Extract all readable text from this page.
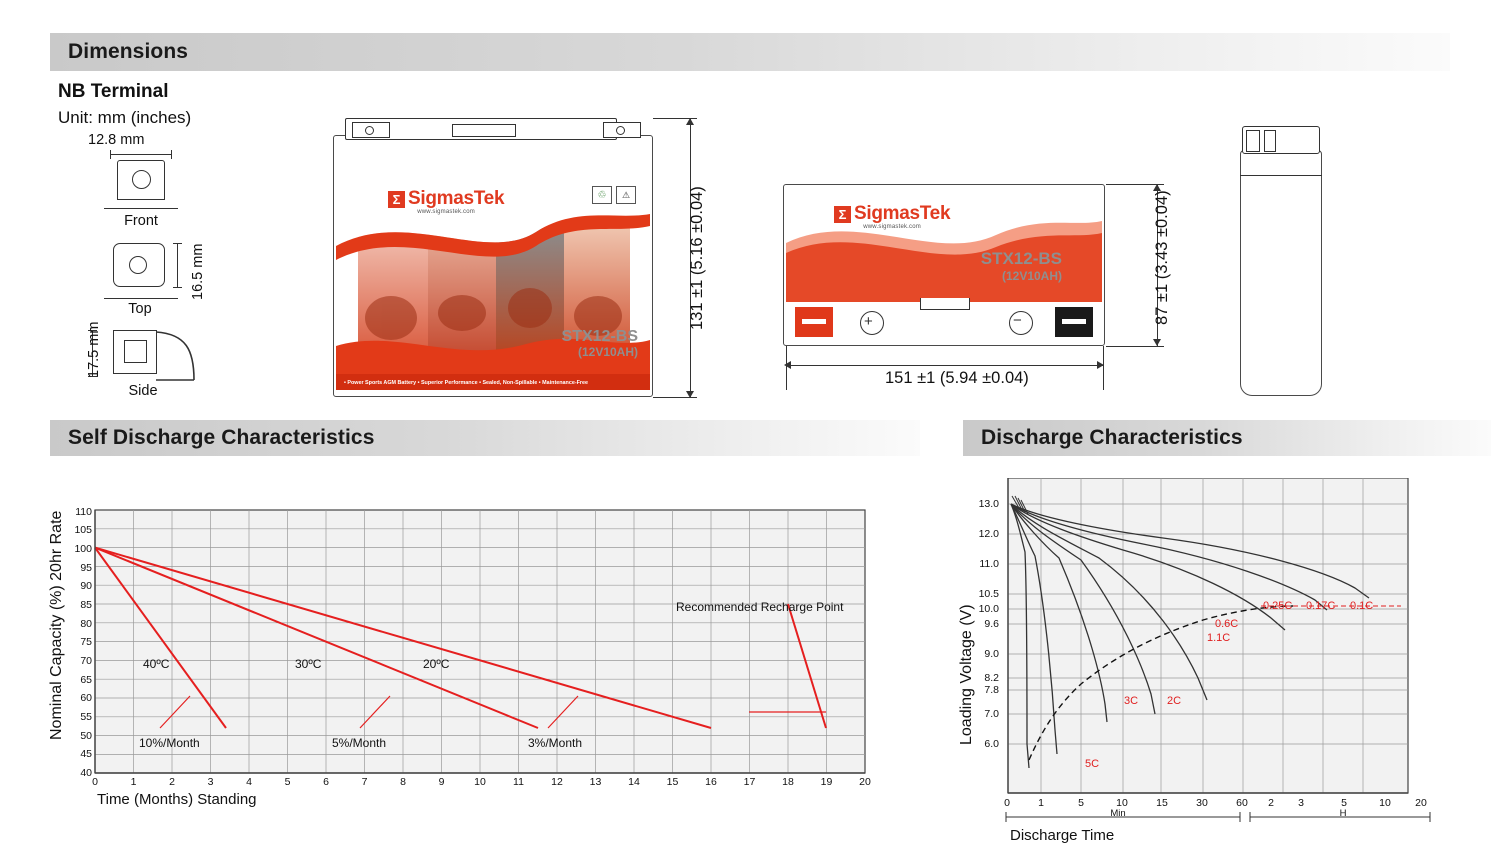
Dimensions
NB Terminal
Unit: mm (inches)
12.8 mm
Front
16.5 mm
Top
17.5 mm
Side	• Power Sports AGM Battery • Superior Performance • Sealed, Non-Spillable • Maintenance-Free
Σ SigmasTek
www.sigmastek.com
STX12-BS
(12V10AH)
♲	⚠	131 ±1 (5.16 ±0.04)	Σ SigmasTek
www.sigmastek.com
STX12-BS
(12V10AH)
+	−	87 ±1 (3.43 ±0.04)
151 ±1 (5.94 ±0.04)
Self Discharge Characteristics
Nominal Capacity (%) 20hr Rate
Time (Months) Standing
110
105
100
95
90
85
80
75
70
65
60
55
50
45
40
0	1	2	3	4	5	6	7	8	9	10	11	12	13	14	15	16	17	18	19	20
40ºC	30ºC	20ºC
10%/Month	5%/Month	3%/Month
Recommended Recharge Point
Discharge Characteristics
Loading Voltage (V)
Discharge Time
13.0
12.0
11.0
10.5
10.0
9.6
9.0
8.2
7.8
7.0
6.0
0	1	5	10	15	30	60	2	3	5	10	20
Min	H
5C
3C	2C
1.1C
0.6C
0.25C 0.17C 0.1C
